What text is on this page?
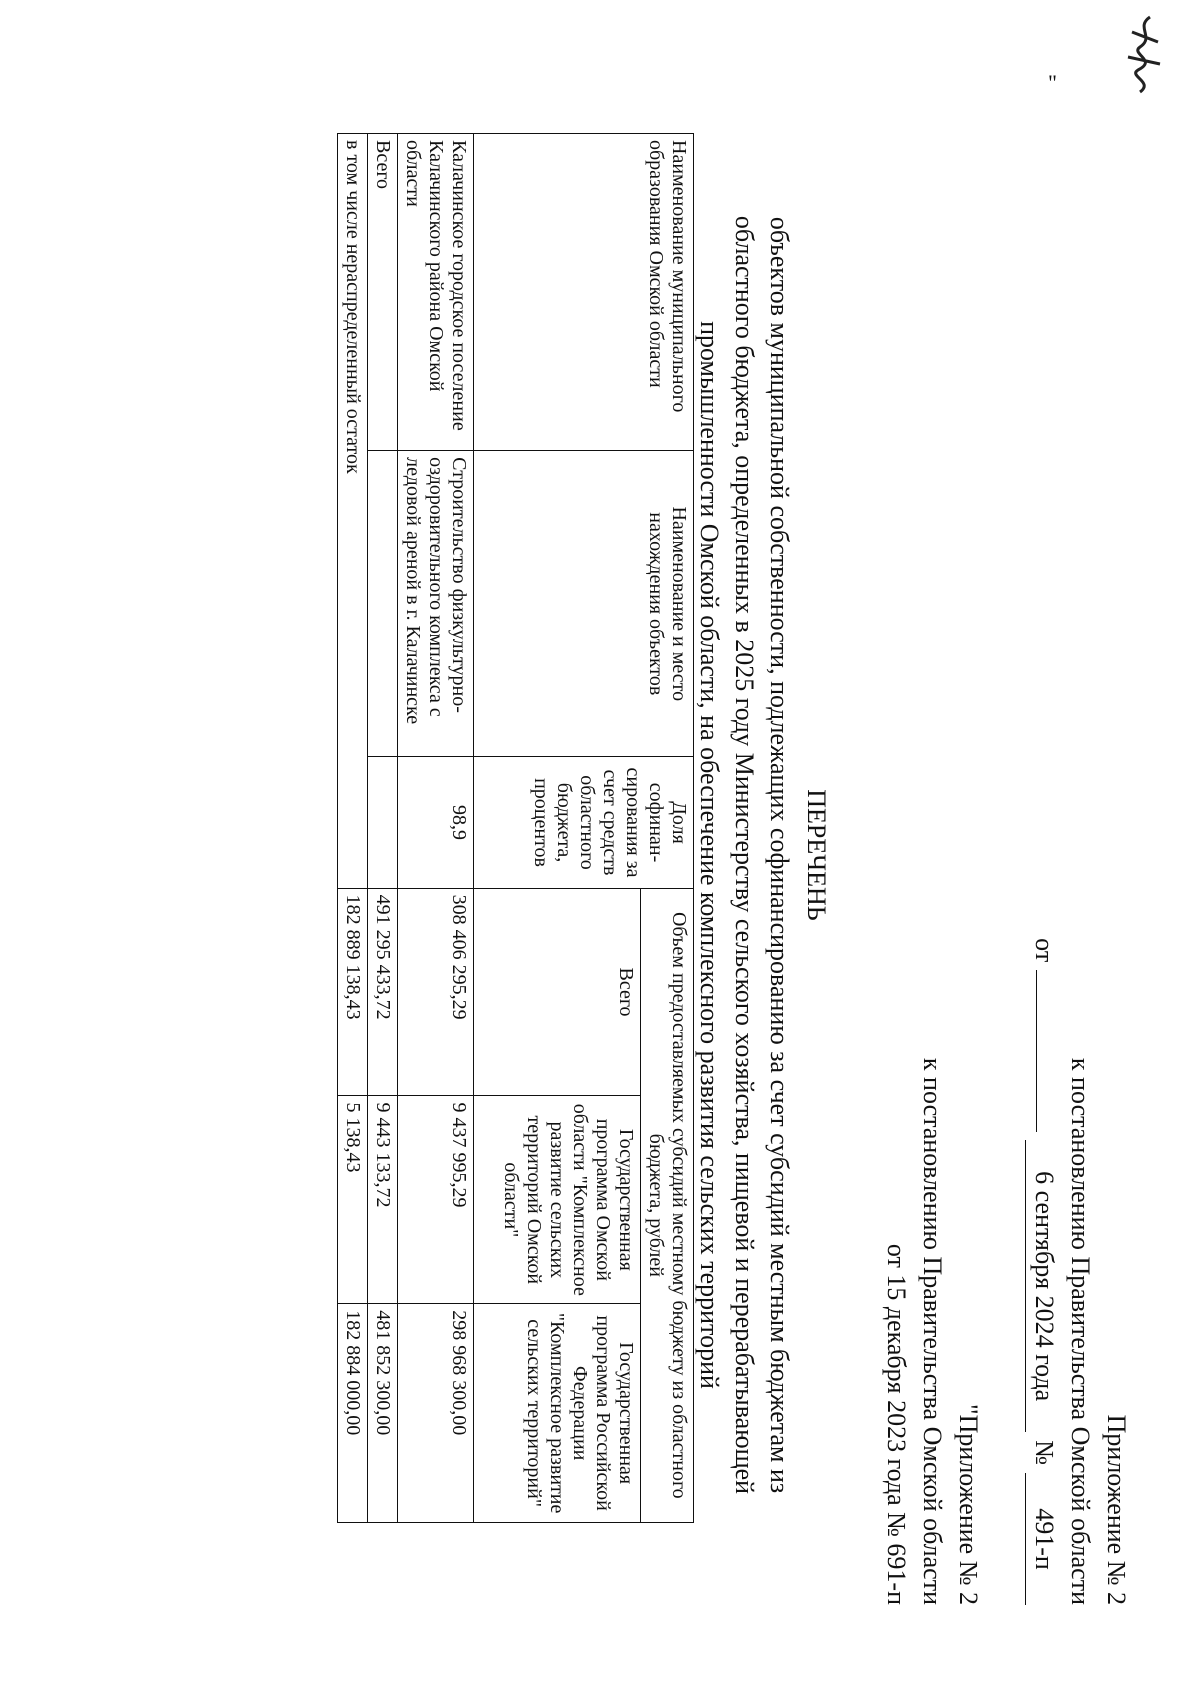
"
Приложение № 2
к постановлению Правительства Омской области
от
6 сентября 2024 года
№
491-п
"Приложение № 2
к постановлению Правительства Омской области
от 15 декабря 2023 года № 691-п
ПЕРЕЧЕНЬ
объектов муниципальной собственности, подлежащих софинансированию за счет субсидий местным бюджетам из
областного бюджета, определенных в 2025 году Министерству сельского хозяйства, пищевой и перерабатывающей
промышленности Омской области, на обеспечение комплексного развития сельских территорий
Наименование муниципального образования Омской области	Наименование и место нахождения объектов	Доля софинан-сирования за счет средств областного бюджета, процентов	Объем предоставляемых субсидий местному бюджету из областного бюджета, рублей		
			Всего	Государственная программа Омской области "Комплексное развитие сельских территорий Омской области"	Государственная программа Российской Федерации "Комплексное развитие сельских территорий"
Калачинское городское поселение Калачинского района Омской области	Строительство физкультурно-оздоровительного комплекса с ледовой ареной в г. Калачинске	98,9	308 406 295,29	9 437 995,29	298 968 300,00
Всего			491 295 433,72	9 443 133,72	481 852 300,00
в том числе нераспределенный остаток			182 889 138,43	5 138,43	182 884 000,00
